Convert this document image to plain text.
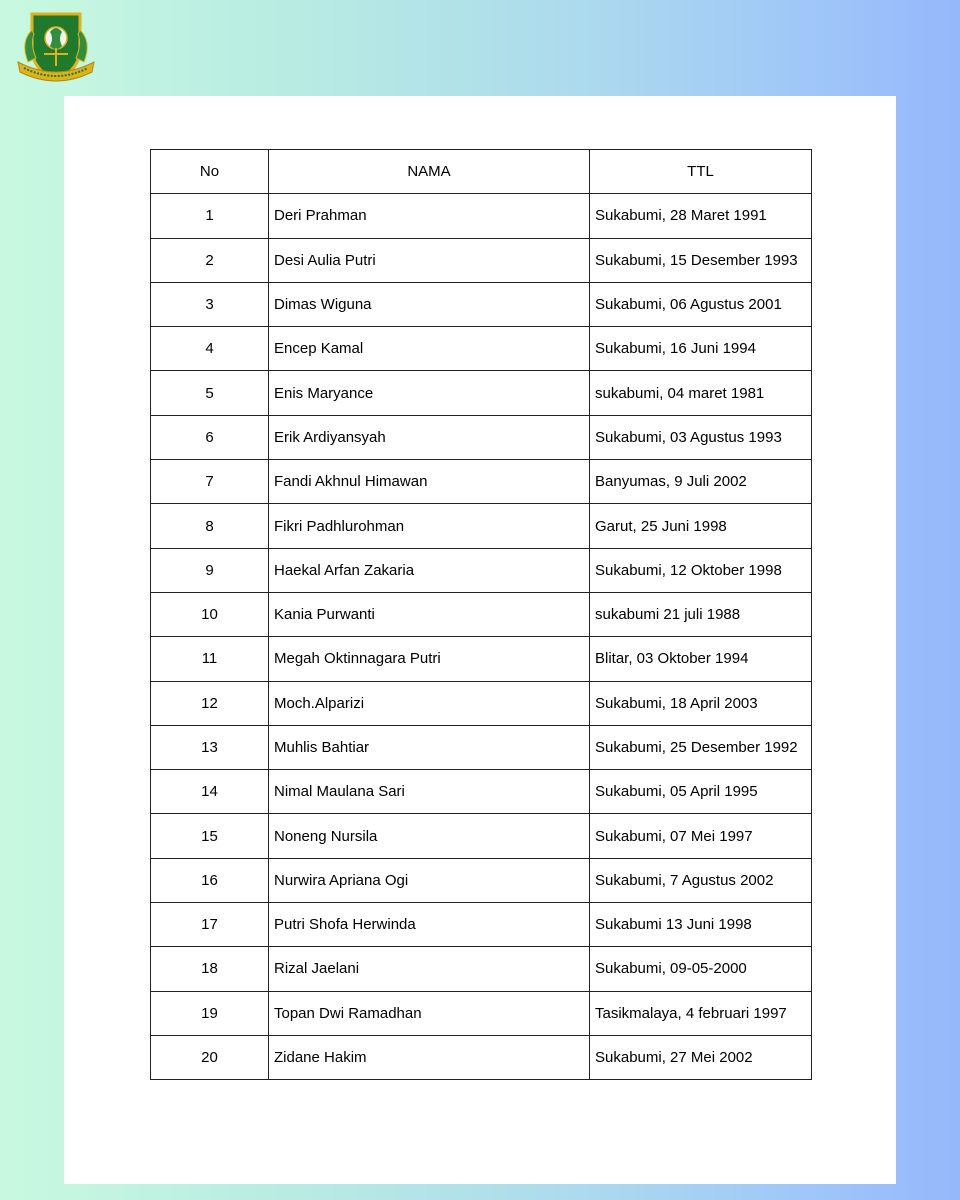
No	NAMA	TTL
1	Deri Prahman	Sukabumi, 28 Maret 1991
2	Desi Aulia Putri	Sukabumi, 15 Desember 1993
3	Dimas Wiguna	Sukabumi, 06 Agustus 2001
4	Encep Kamal	Sukabumi, 16 Juni 1994
5	Enis Maryance	sukabumi, 04 maret 1981
6	Erik Ardiyansyah	Sukabumi, 03 Agustus 1993
7	Fandi Akhnul Himawan	Banyumas, 9 Juli 2002
8	Fikri Padhlurohman	Garut, 25 Juni 1998
9	Haekal Arfan Zakaria	Sukabumi, 12 Oktober 1998
10	Kania Purwanti	sukabumi 21 juli 1988
11	Megah Oktinnagara Putri	Blitar, 03 Oktober 1994
12	Moch.Alparizi	Sukabumi, 18 April 2003
13	Muhlis Bahtiar	Sukabumi, 25 Desember 1992
14	Nimal Maulana Sari	Sukabumi, 05 April 1995
15	Noneng Nursila	Sukabumi, 07 Mei 1997
16	Nurwira Apriana Ogi	Sukabumi, 7 Agustus 2002
17	Putri Shofa Herwinda	Sukabumi 13 Juni 1998
18	Rizal Jaelani	Sukabumi, 09-05-2000
19	Topan Dwi Ramadhan	Tasikmalaya, 4 februari 1997
20	Zidane Hakim	Sukabumi, 27 Mei 2002
